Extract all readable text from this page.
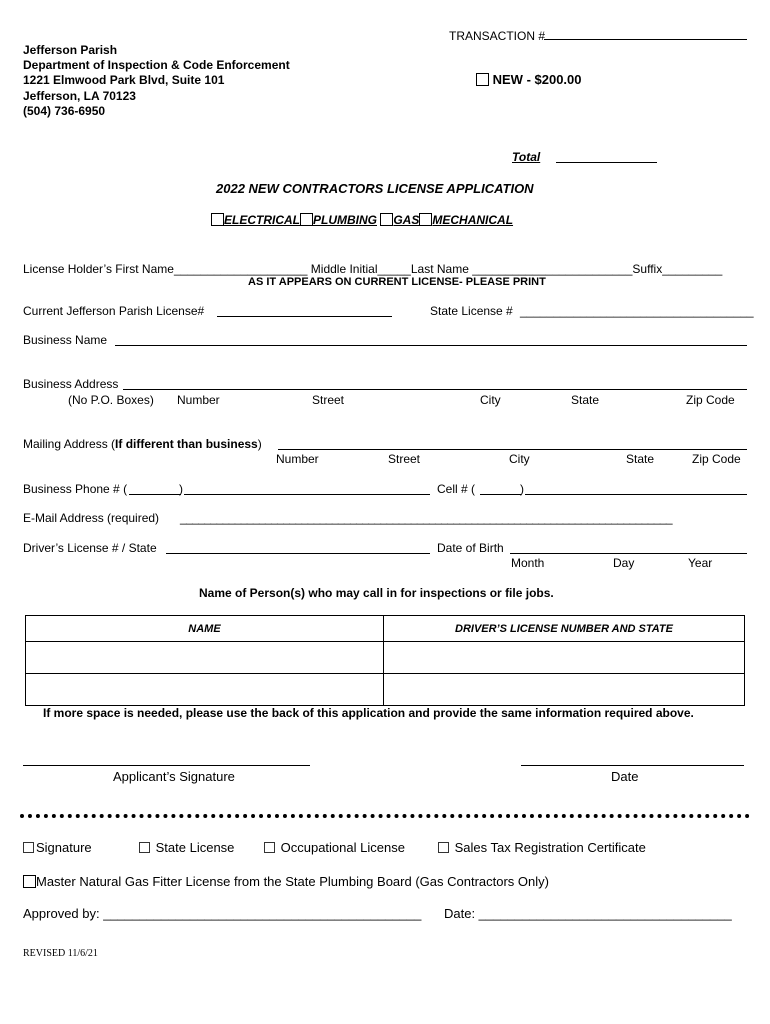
TRANSACTION #
Jefferson Parish
Department of Inspection & Code Enforcement
1221 Elmwood Park Blvd, Suite 101
Jefferson, LA 70123
(504) 736-6950
NEW - $200.00
Total
2022 NEW CONTRACTORS LICENSE APPLICATION
ELECTRICAL PLUMBING GAS MECHANICAL
License Holder’s First Name____________________ Middle Initial_____Last Name ________________________Suffix_________
AS IT APPEARS ON CURRENT LICENSE- PLEASE PRINT
Current Jefferson Parish License#	State License # ___________________________________
Business Name
Business Address
(No P.O. Boxes) Number	Street	City	State	Zip Code
Mailing Address (If different than business)
Number	Street	City	State	Zip Code
Business Phone # (	)	Cell # (	)
E-Mail Address (required) _________________________________________________________________________________
Driver’s License # / State	Date of Birth
Month	Day	Year
Name of Person(s) who may call in for inspections or file jobs.
NAME	DRIVER’S LICENSE NUMBER AND STATE

If more space is needed, please use the back of this application and provide the same information required above.
Applicant’s Signature	Date
Signature	State License	Occupational License	Sales Tax Registration Certificate
Master Natural Gas Fitter License from the State Plumbing Board (Gas Contractors Only)
Approved by: ____________________________________________ Date: ___________________________________
REVISED 11/6/21
